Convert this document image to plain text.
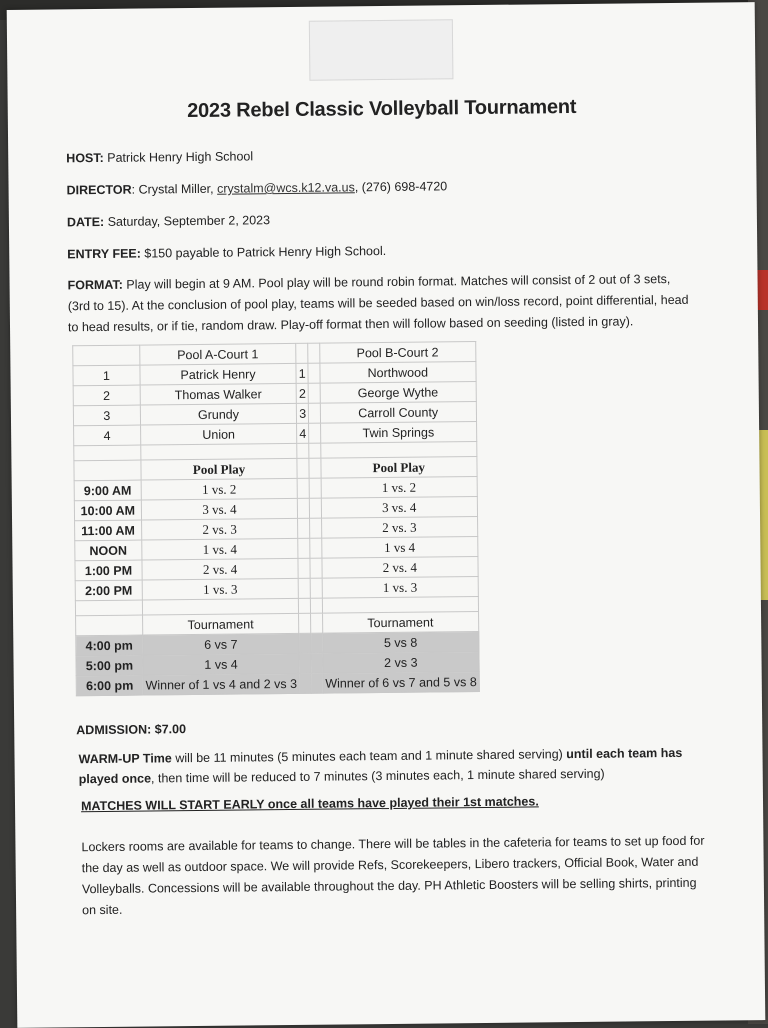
2023 Rebel Classic Volleyball Tournament
HOST: Patrick Henry High School
DIRECTOR: Crystal Miller, crystalm@wcs.k12.va.us, (276) 698-4720
DATE: Saturday, September 2, 2023
ENTRY FEE: $150 payable to Patrick Henry High School.
FORMAT: Play will begin at 9 AM. Pool play will be round robin format. Matches will consist of 2 out of 3 sets,
(3rd to 15). At the conclusion of pool play, teams will be seeded based on win/loss record, point differential, head
to head results, or if tie, random draw. Play-off format then will follow based on seeding (listed in gray).
	Pool A-Court 1			Pool B-Court 2
1	Patrick Henry	1		Northwood
2	Thomas Walker	2		George Wythe
3	Grundy	3		Carroll County
4	Union	4		Twin Springs

	Pool Play			Pool Play
9:00 AM	1 vs. 2			1 vs. 2
10:00 AM	3 vs. 4			3 vs. 4
11:00 AM	2 vs. 3			2 vs. 3
NOON	1 vs. 4			1 vs 4
1:00 PM	2 vs. 4			2 vs. 4
2:00 PM	1 vs. 3			1 vs. 3

	Tournament			Tournament
4:00 pm	6 vs 7			5 vs 8
5:00 pm	1 vs 4			2 vs 3
6:00 pm	Winner of 1 vs 4 and 2 vs 3			Winner of 6 vs 7 and 5 vs 8
ADMISSION: $7.00
WARM-UP Time will be 11 minutes (5 minutes each team and 1 minute shared serving) until each team has played once, then time will be reduced to 7 minutes (3 minutes each, 1 minute shared serving)
MATCHES WILL START EARLY once all teams have played their 1st matches.
Lockers rooms are available for teams to change. There will be tables in the cafeteria for teams to set up food for
the day as well as outdoor space. We will provide Refs, Scorekeepers, Libero trackers, Official Book, Water and
Volleyballs. Concessions will be available throughout the day. PH Athletic Boosters will be selling shirts, printing
on site.
